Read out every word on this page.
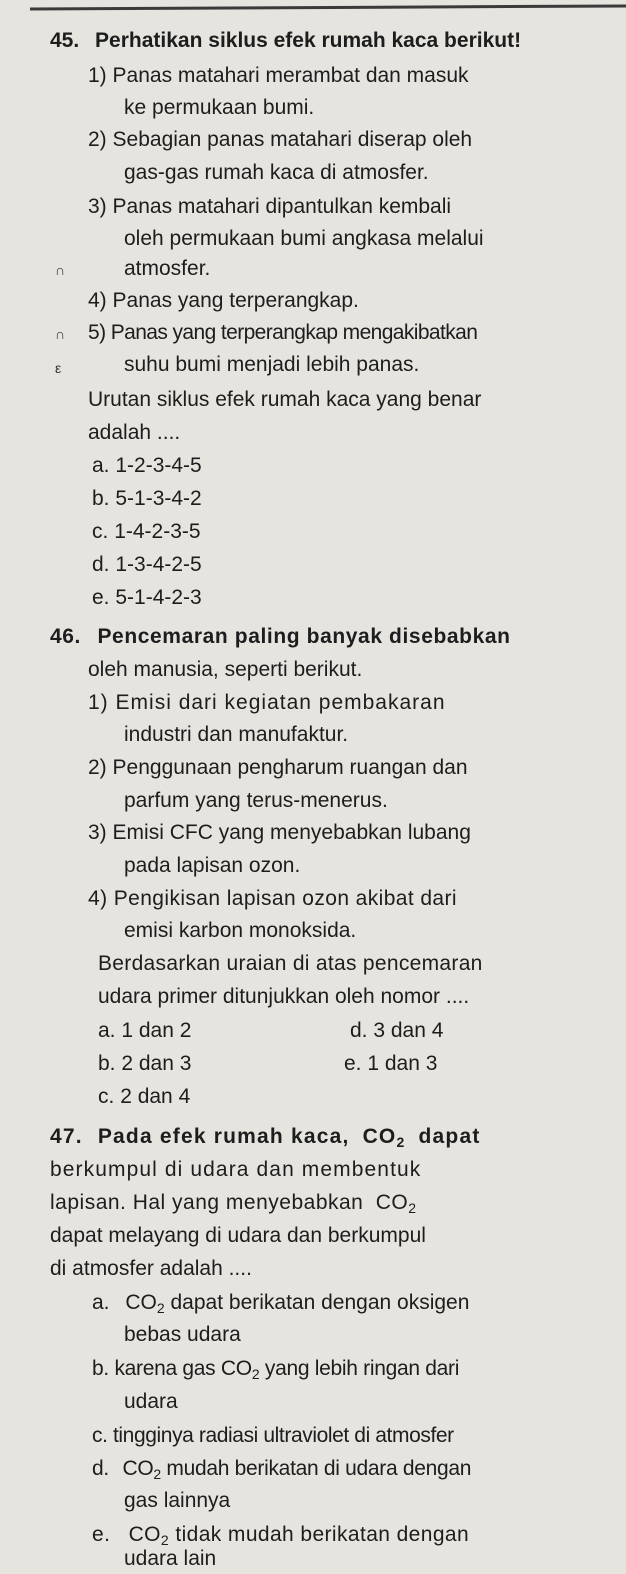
45. Perhatikan siklus efek rumah kaca berikut!
1) Panas matahari merambat dan masuk
ke permukaan bumi.
2) Sebagian panas matahari diserap oleh
gas-gas rumah kaca di atmosfer.
3) Panas matahari dipantulkan kembali
oleh permukaan bumi angkasa melalui
atmosfer.
4) Panas yang terperangkap.
5) Panas yang terperangkap mengakibatkan
suhu bumi menjadi lebih panas.
Urutan siklus efek rumah kaca yang benar
adalah ....
a. 1-2-3-4-5
b. 5-1-3-4-2
c. 1-4-2-3-5
d. 1-3-4-2-5
e. 5-1-4-2-3
46. Pencemaran paling banyak disebabkan
oleh manusia, seperti berikut.
1) Emisi dari kegiatan pembakaran
industri dan manufaktur.
2) Penggunaan pengharum ruangan dan
parfum yang terus-menerus.
3) Emisi CFC yang menyebabkan lubang
pada lapisan ozon.
4) Pengikisan lapisan ozon akibat dari
emisi karbon monoksida.
Berdasarkan uraian di atas pencemaran
udara primer ditunjukkan oleh nomor ....
a. 1 dan 2	d. 3 dan 4
b. 2 dan 3	e. 1 dan 3
c. 2 dan 4
47. Pada efek rumah kaca, $CO_2$ dapat
berkumpul di udara dan membentuk
lapisan. Hal yang menyebabkan $CO_2$
dapat melayang di udara dan berkumpul
di atmosfer adalah ....
a. $CO_2$ dapat berikatan dengan oksigen
bebas udara
b. karena gas $CO_2$ yang lebih ringan dari
udara
c. tingginya radiasi ultraviolet di atmosfer
d. $CO_2$ mudah berikatan di udara dengan
gas lainnya
e. $CO_2$ tidak mudah berikatan dengan
udara lain
∩
∩
ε
